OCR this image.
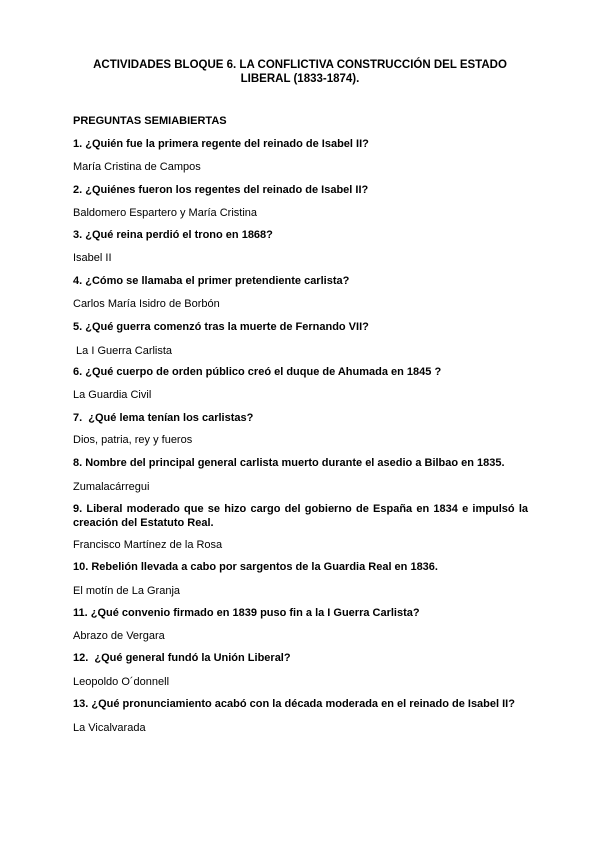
ACTIVIDADES BLOQUE 6. LA CONFLICTIVA CONSTRUCCIÓN DEL ESTADO LIBERAL (1833-1874).
PREGUNTAS SEMIABIERTAS
1. ¿Quién fue la primera regente del reinado de Isabel II?
María Cristina de Campos
2. ¿Quiénes fueron los regentes del reinado de Isabel II?
Baldomero Espartero y María Cristina
3. ¿Qué reina perdió el trono en 1868?
Isabel II
4. ¿Cómo se llamaba el primer pretendiente carlista?
Carlos María Isidro de Borbón
5. ¿Qué guerra comenzó tras la muerte de Fernando VII?
La I Guerra Carlista
6. ¿Qué cuerpo de orden público creó el duque de Ahumada en 1845 ?
La Guardia Civil
7.  ¿Qué lema tenían los carlistas?
Dios, patria, rey y fueros
8. Nombre del principal general carlista muerto durante el asedio a Bilbao en 1835.
Zumalacárregui
9. Liberal moderado que se hizo cargo del gobierno de España en 1834 e impulsó la creación del Estatuto Real.
Francisco Martínez de la Rosa
10. Rebelión llevada a cabo por sargentos de la Guardia Real en 1836.
El motín de La Granja
11. ¿Qué convenio firmado en 1839 puso fin a la I Guerra Carlista?
Abrazo de Vergara
12.  ¿Qué general fundó la Unión Liberal?
Leopoldo O´donnell
13. ¿Qué pronunciamiento acabó con la década moderada en el reinado de Isabel II?
La Vicalvarada
